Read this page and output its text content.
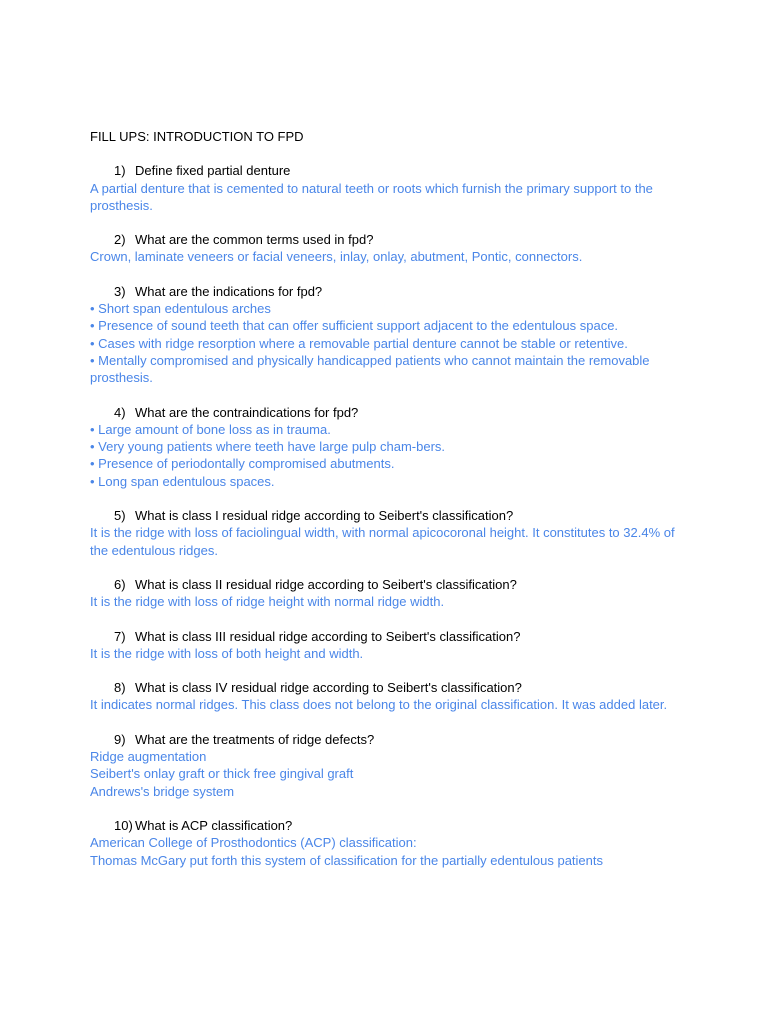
FILL UPS: INTRODUCTION TO FPD
1) Define fixed partial denture
A partial denture that is cemented to natural teeth or roots which furnish the primary support to the prosthesis.
2) What are the common terms used in fpd?
Crown, laminate veneers or facial veneers, inlay, onlay, abutment, Pontic, connectors.
3) What are the indications for fpd?
• Short span edentulous arches
• Presence of sound teeth that can offer sufficient support adjacent to the edentulous space.
• Cases with ridge resorption where a removable partial denture cannot be stable or retentive.
• Mentally compromised and physically handicapped patients who cannot maintain the removable prosthesis.
4) What are the contraindications for fpd?
• Large amount of bone loss as in trauma.
• Very young patients where teeth have large pulp cham-bers.
• Presence of periodontally compromised abutments.
• Long span edentulous spaces.
5) What is class I residual ridge according to Seibert's classification?
It is the ridge with loss of faciolingual width, with normal apicocoronal height. It constitutes to 32.4% of the edentulous ridges.
6) What is class II residual ridge according to Seibert's classification?
It is the ridge with loss of ridge height with normal ridge width.
7) What is class III residual ridge according to Seibert's classification?
It is the ridge with loss of both height and width.
8) What is class IV residual ridge according to Seibert's classification?
It indicates normal ridges. This class does not belong to the original classification. It was added later.
9) What are the treatments of ridge defects?
Ridge augmentation
Seibert's onlay graft or thick free gingival graft
Andrews's bridge system
10) What is ACP classification?
American College of Prosthodontics (ACP) classification:
Thomas McGary put forth this system of classification for the partially edentulous patients
